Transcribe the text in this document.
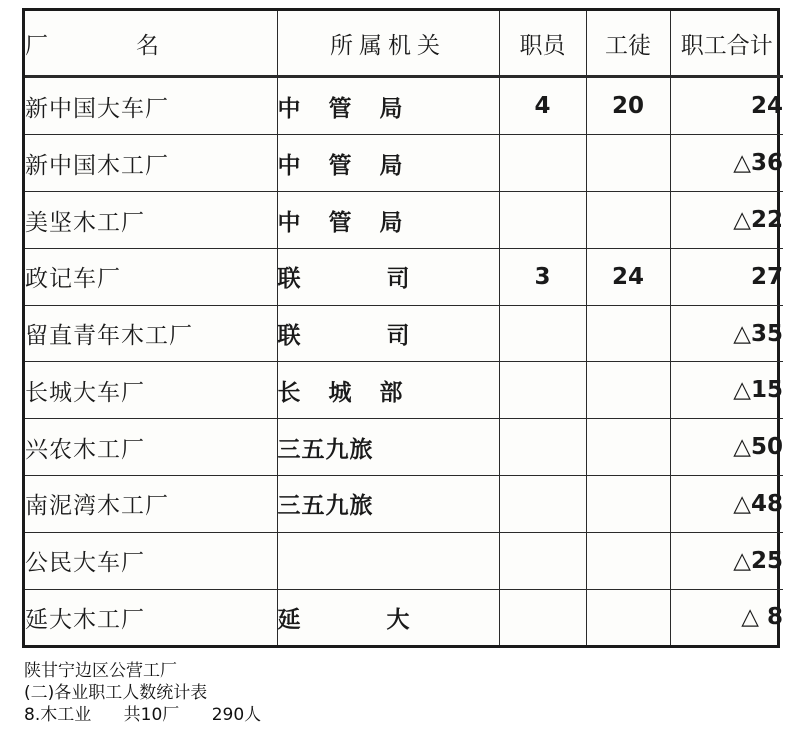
厂名	所属机关	职员	工徒	职工合计
新中国大车厂	中管局	4	20	24
新中国木工厂	中管局			△36
美坚木工厂	中管局			△22
政记车厂	联司	3	24	27
留直青年木工厂	联司			△35
长城大车厂	长城部			△15
兴农木工厂	三五九旅			△50
南泥湾木工厂	三五九旅			△48
公民大车厂				△25
延大木工厂	延大			△ 8
陕甘宁边区公营工厂
(二)各业职工人数统计表
8.木工业      共10厂      290人
